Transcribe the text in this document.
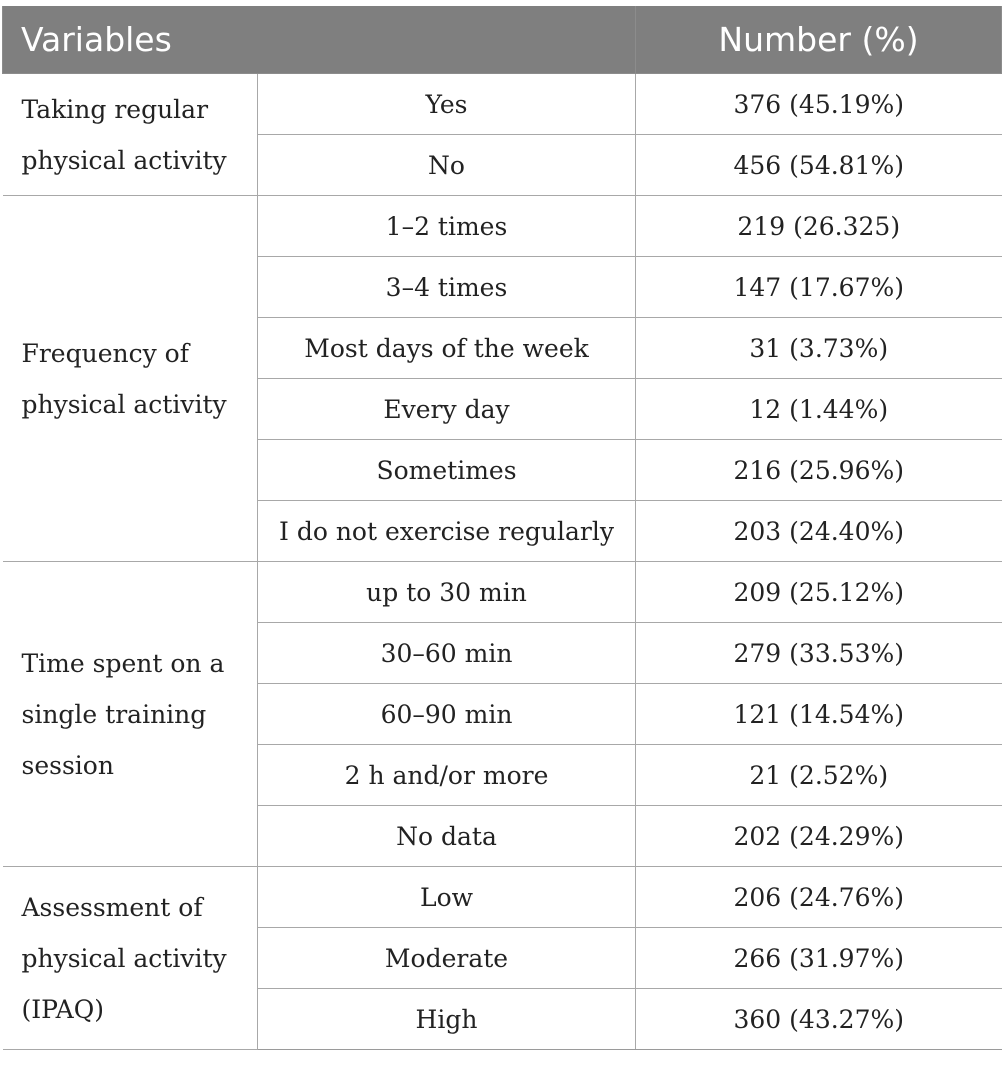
Variables		Number (%)
Taking regular physical activity	Yes	376 (45.19%)
	No	456 (54.81%)
Frequency of physical activity	1–2 times	219 (26.325)
	3–4 times	147 (17.67%)
	Most days of the week	31 (3.73%)
	Every day	12 (1.44%)
	Sometimes	216 (25.96%)
	I do not exercise regularly	203 (24.40%)
Time spent on a single training session	up to 30 min	209 (25.12%)
	30–60 min	279 (33.53%)
	60–90 min	121 (14.54%)
	2 h and/or more	21 (2.52%)
	No data	202 (24.29%)
Assessment of physical activity (IPAQ)	Low	206 (24.76%)
	Moderate	266 (31.97%)
	High	360 (43.27%)
